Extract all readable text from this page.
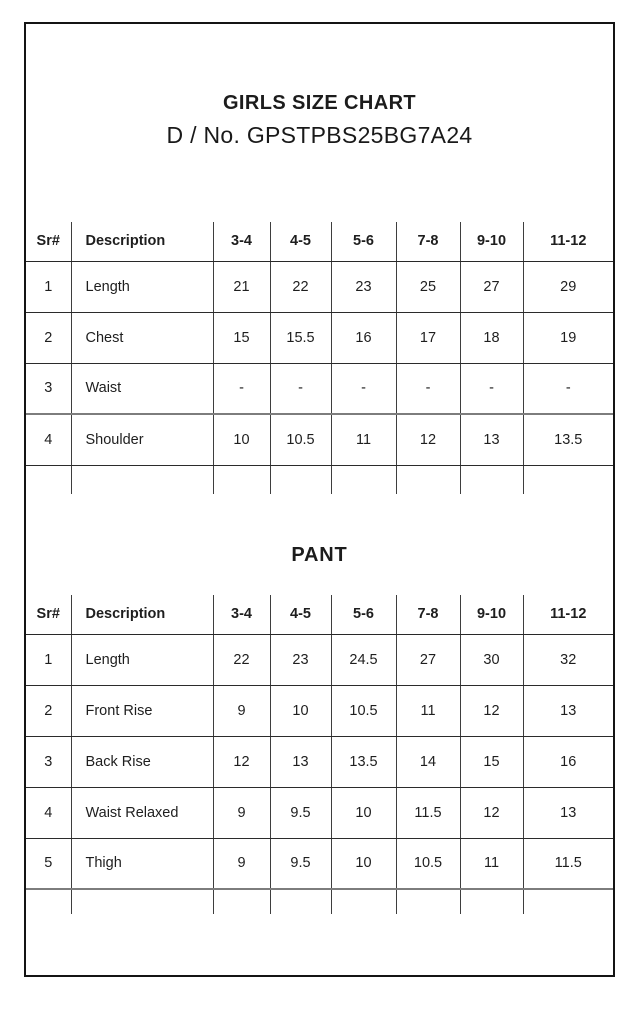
GIRLS SIZE CHART
D / No. GPSTPBS25BG7A24
Sr#	Description	3-4	4-5	5-6	7-8	9-10	11-12
1	Length	21	22	23	25	27	29
2	Chest	15	15.5	16	17	18	19
3	Waist	-	-	-	-	-	-
4	Shoulder	10	10.5	11	12	13	13.5

PANT
Sr#	Description	3-4	4-5	5-6	7-8	9-10	11-12
1	Length	22	23	24.5	27	30	32
2	Front Rise	9	10	10.5	11	12	13
3	Back Rise	12	13	13.5	14	15	16
4	Waist Relaxed	9	9.5	10	11.5	12	13
5	Thigh	9	9.5	10	10.5	11	11.5
